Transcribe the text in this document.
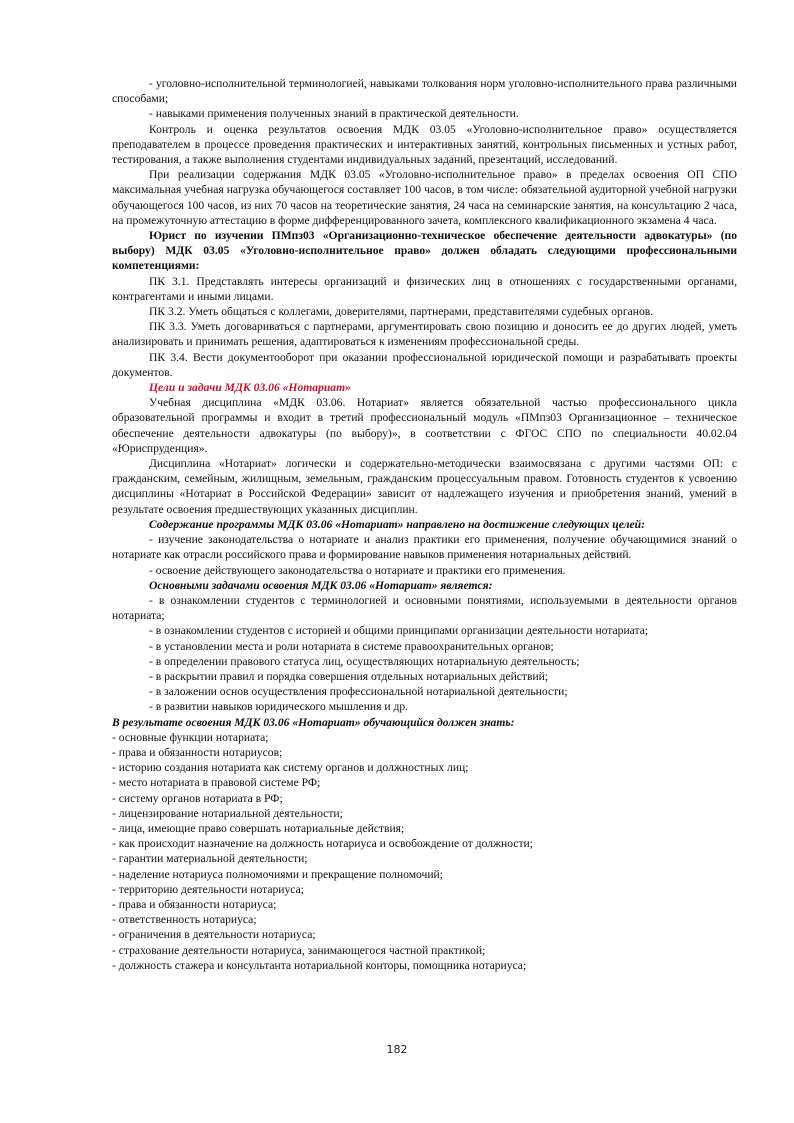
- уголовно-исполнительной терминологией, навыками толкования норм уголовно-исполнительного права различными способами;

- навыками применения полученных знаний в практической деятельности.

Контроль и оценка результатов освоения МДК 03.05 «Уголовно-исполнительное право» осуществляется преподавателем в процессе проведения практических и интерактивных занятий, контрольных письменных и устных работ, тестирования, а также выполнения студентами индивидуальных заданий, презентаций, исследований.

При реализации содержания МДК 03.05 «Уголовно-исполнительное право» в пределах освоения ОП СПО максимальная учебная нагрузка обучающегося составляет 100 часов, в том числе: обязательной аудиторной учебной нагрузки обучающегося 100 часов, из них 70 часов на теоретические занятия, 24 часа на семинарские занятия, на консультацию 2 часа, на промежуточную аттестацию в форме дифференцированного зачета, комплексного квалификационного экзамена 4 часа.

Юрист по изучении ПМпз03 «Организационно-техническое обеспечение деятельности адвокатуры» (по выбору) МДК 03.05 «Уголовно-исполнительное право» должен обладать следующими профессиональными компетенциями:

ПК 3.1. Представлять интересы организаций и физических лиц в отношениях с государственными органами, контрагентами и иными лицами.

ПК 3.2. Уметь общаться с коллегами, доверителями, партнерами, представителями судебных органов.

ПК 3.3. Уметь договариваться с партнерами, аргументировать свою позицию и доносить ее до других людей, уметь анализировать и принимать решения, адаптироваться к изменениям профессиональной среды.

ПК 3.4. Вести документооборот при оказании профессиональной юридической помощи и разрабатывать проекты документов.

Цели и задачи МДК 03.06 «Нотариат»

Учебная дисциплина «МДК 03.06. Нотариат» является обязательной частью профессионального цикла образовательной программы и входит в третий профессиональный модуль «ПМпз03 Организационное – техническое обеспечение деятельности адвокатуры (по выбору)», в соответствии с ФГОС СПО по специальности 40.02.04 «Юриспруденция».

Дисциплина «Нотариат» логически и содержательно-методически взаимосвязана с другими частями ОП: с гражданским, семейным, жилищным, земельным, гражданским процессуальным правом. Готовность студентов к усвоению дисциплины «Нотариат в Российской Федерации» зависит от надлежащего изучения и приобретения знаний, умений в результате освоения предшествующих указанных дисциплин.

Содержание программы МДК 03.06 «Нотариат» направлено на достижение следующих целей:

- изучение законодательства о нотариате и анализ практики его применения, получение обучающимися знаний о нотариате как отрасли российского права и формирование навыков применения нотариальных действий.

- освоение действующего законодательства о нотариате и практики его применения.

Основными задачами освоения МДК 03.06 «Нотариат» является:

- в ознакомлении студентов с терминологией и основными понятиями, используемыми в деятельности органов нотариата;

- в ознакомлении студентов с историей и общими принципами организации деятельности нотариата;

- в установлении места и роли нотариата в системе правоохранительных органов;

- в определении правового статуса лиц, осуществляющих нотариальную деятельность;

- в раскрытии правил и порядка совершения отдельных нотариальных действий;

- в заложении основ осуществления профессиональной нотариальной деятельности;

- в развитии навыков юридического мышления и др.

В результате освоения МДК 03.06 «Нотариат» обучающийся должен знать:

- основные функции нотариата;

- права и обязанности нотариусов;

- историю создания нотариата как систему органов и должностных лиц;

- место нотариата в правовой системе РФ;

- систему органов нотариата в РФ;

- лицензирование нотариальной деятельности;

- лица, имеющие право совершать нотариальные действия;

- как происходит назначение на должность нотариуса и освобождение от должности;

- гарантии материальной деятельности;

- наделение нотариуса полномочиями и прекращение полномочий;

- территорию деятельности нотариуса;

- права и обязанности нотариуса;

- ответственность нотариуса;

- ограничения в деятельности нотариуса;

- страхование деятельности нотариуса, занимающегося частной практикой;

- должность стажера и консультанта нотариальной конторы, помощника нотариуса;

182
